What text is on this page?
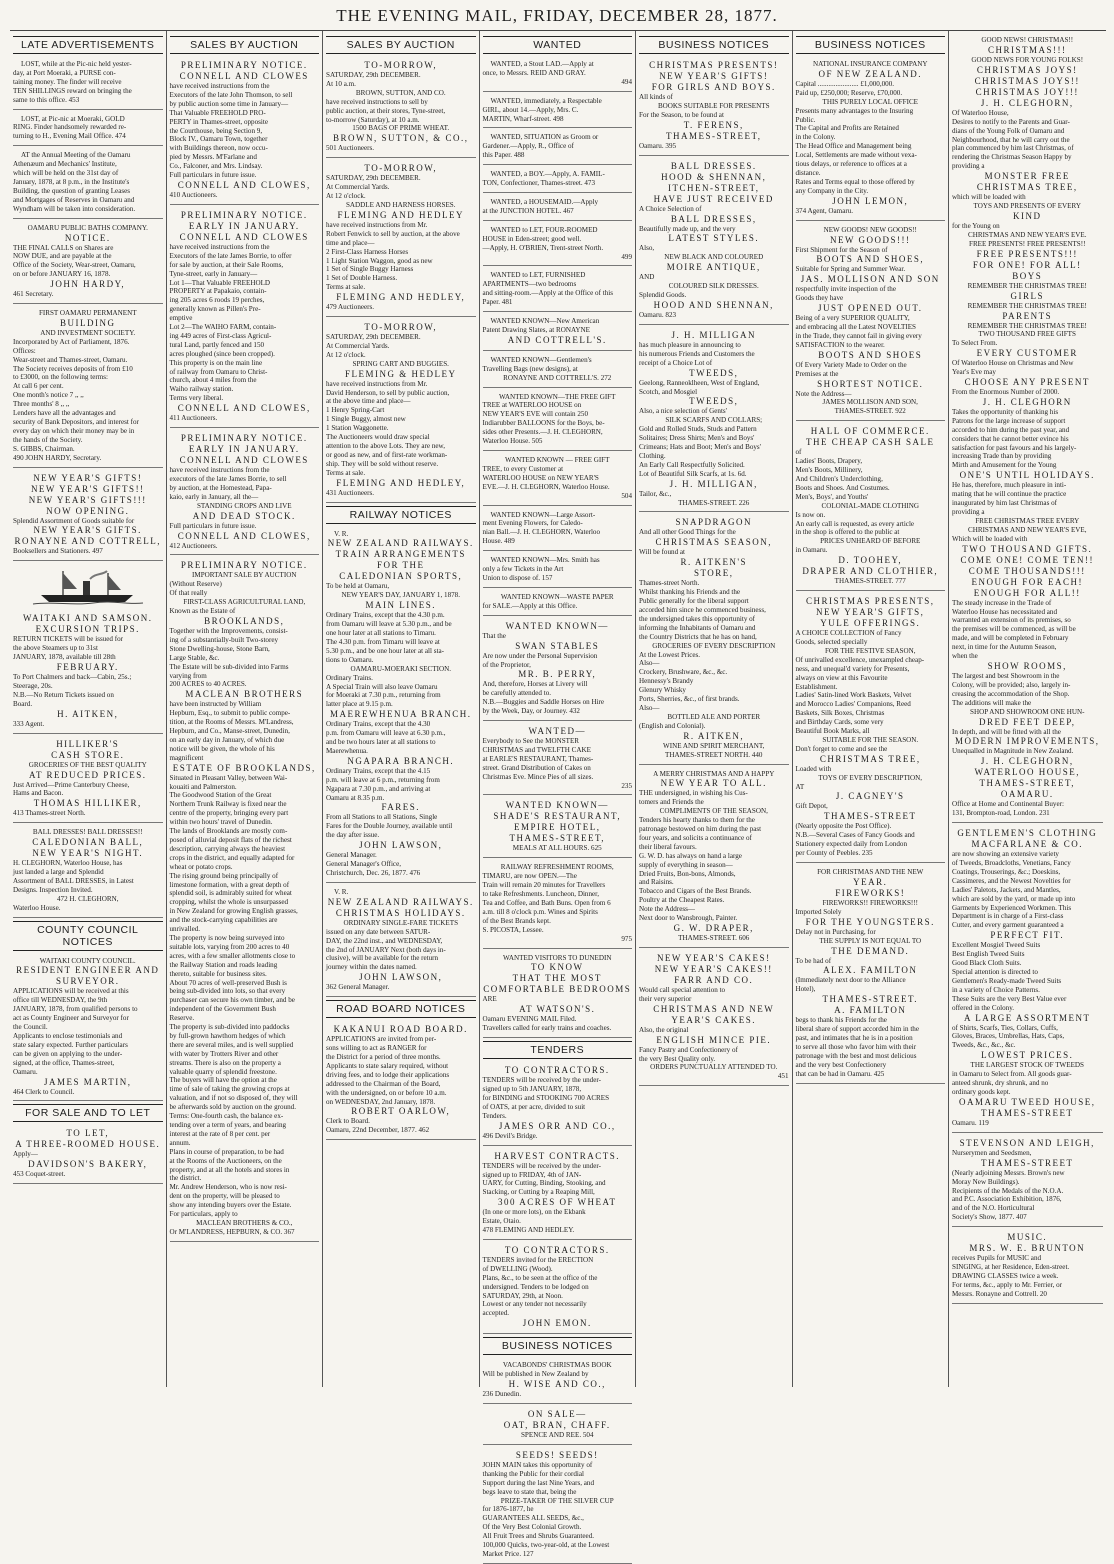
THE EVENING MAIL, FRIDAY, DECEMBER 28, 1877.
LATE ADVERTISEMENTS

LOST, while at the Pic-nic held yester-

day, at Port Moeraki, a PURSE con-

taining money. The finder will receive

TEN SHILLINGS reward on bringing the

same to this office. 453

LOST, at Pic-nic at Moeraki, GOLD

RING. Finder handsomely rewarded re-

turning to H., Evening Mail Office. 474

AT the Annual Meeting of the Oamaru

Athenæum and Mechanics' Institute,

which will be held on the 31st day of

January, 1878, at 8 p.m., in the Institute's

Building, the question of granting Leases

and Mortgages of Reserves in Oamaru and

Wyndham will be taken into consideration.

OAMARU PUBLIC BATHS COMPANY.

NOTICE.

THE FINAL CALLS on Shares are

NOW DUE, and are payable at the

Office of the Society, Wear-street, Oamaru,

on or before JANUARY 16, 1878.

JOHN HARDY,

461 Secretary.

FIRST OAMARU PERMANENT

BUILDING

AND INVESTMENT SOCIETY.

Incorporated by Act of Parliament, 1876.

Offices:

Wear-street and Thames-street, Oamaru.

The Society receives deposits of from £10

to £3000, on the following terms:

At call 6 per cent.

One month's notice 7 ,, ,,

Three months' 8 ,, ,,

Lenders have all the advantages and

security of Bank Depositors, and interest for

every day on which their money may be in

the hands of the Society.

S. GIBBS, Chairman.

490 JOHN HARDY, Secretary.

NEW YEAR'S GIFTS!

NEW YEAR'S GIFTS!!

NEW YEAR'S GIFTS!!!

NOW OPENING.

Splendid Assortment of Goods suitable for

NEW YEAR'S GIFTS.

RONAYNE AND COTTRELL,

Booksellers and Stationers. 497

WAITAKI AND SAMSON.

EXCURSION TRIPS.

RETURN TICKETS will be issued for

the above Steamers up to 31st

JANUARY, 1878, available till 28th

FEBRUARY.

To Port Chalmers and back—Cabin, 25s.;

Steerage, 20s.

N.B.—No Return Tickets issued on

Board.

H. AITKEN,

333 Agent.

HILLIKER'S

CASH STORE.

GROCERIES OF THE BEST QUALITY

AT REDUCED PRICES.

Just Arrived—Prime Canterbury Cheese,

Hams and Bacon.

THOMAS HILLIKER,

413 Thames-street North.

BALL DRESSES! BALL DRESSES!!

CALEDONIAN BALL,

NEW YEAR'S NIGHT.

H. CLEGHORN, Waterloo House, has

just landed a large and Splendid

Assortment of BALL DRESSES, in Latest

Designs. Inspection Invited.

472 H. CLEGHORN,

Waterloo House.

COUNTY COUNCIL NOTICES

WAITAKI COUNTY COUNCIL.

RESIDENT ENGINEER AND

SURVEYOR.

APPLICATIONS will be received at this

office till WEDNESDAY, the 9th

JANUARY, 1878, from qualified persons to

act as County Engineer and Surveyor for

the Council.

Applicants to enclose testimonials and

state salary expected. Further particulars

can be given on applying to the under-

signed, at the office, Thames-street,

Oamaru.

JAMES MARTIN,

464 Clerk to Council.

FOR SALE AND TO LET

TO LET,

A THREE-ROOMED HOUSE.

Apply—

DAVIDSON'S BAKERY,

453 Coquet-street.

SALES BY AUCTION

PRELIMINARY NOTICE.

CONNELL AND CLOWES

have received instructions from the

Executors of the late John Thomson, to sell

by public auction some time in January—

That Valuable FREEHOLD PRO-

PERTY in Thames-street, opposite

the Courthouse, being Section 9,

Block IV., Oamaru Town, together

with Buildings thereon, now occu-

pied by Messrs. M'Farlane and

Co., Falconer, and Mrs. Lindsay.

Full particulars in future issue.

CONNELL AND CLOWES,

410 Auctioneers.

PRELIMINARY NOTICE.

EARLY IN JANUARY.

CONNELL AND CLOWES

have received instructions from the

Executors of the late James Borrie, to offer

for sale by auction, at their Sale Rooms,

Tyne-street, early in January—

Lot 1—That Valuable FREEHOLD

PROPERTY at Papakaio, contain-

ing 205 acres 6 roods 19 perches,

generally known as Pillen's Pre-

emptive

Lot 2—The WAIHO FARM, contain-

ing 449 acres of First-class Agricul-

tural Land, partly fenced and 150

acres ploughed (since been cropped).

This property is on the main line

of railway from Oamaru to Christ-

church, about 4 miles from the

Waiho railway station.

Terms very liberal.

CONNELL AND CLOWES,

411 Auctioneers.

PRELIMINARY NOTICE.

EARLY IN JANUARY.

CONNELL AND CLOWES

have received instructions from the

executors of the late James Borrie, to sell

by auction, at the Homestead, Papa-

kaio, early in January, all the—

STANDING CROPS AND LIVE

AND DEAD STOCK.

Full particulars in future issue.

CONNELL AND CLOWES,

412 Auctioneers.

PRELIMINARY NOTICE.

IMPORTANT SALE BY AUCTION

(Without Reserve)

Of that really

FIRST-CLASS AGRICULTURAL LAND,

Known as the Estate of

BROOKLANDS,

Together with the Improvements, consist-

ing of a substantially-built Two-storey

Stone Dwelling-house, Stone Barn,

Large Stable, &c.

The Estate will be sub-divided into Farms

varying from

200 ACRES to 40 ACRES.

MACLEAN BROTHERS

have been instructed by William

Hepburn, Esq., to submit to public compe-

tition, at the Rooms of Messrs. M'Landress,

Hepburn, and Co., Manse-street, Dunedin,

on an early day in January, of which due

notice will be given, the whole of his

magnificent

ESTATE OF BROOKLANDS,

Situated in Pleasant Valley, between Wai-

kouaiti and Palmerston.

The Goodwood Station of the Great

Northern Trunk Railway is fixed near the

centre of the property, bringing every part

within two hours' travel of Dunedin.

The lands of Brooklands are mostly com-

posed of alluvial deposit flats of the richest

description, carrying always the heaviest

crops in the district, and equally adapted for

wheat or potato crops.

The rising ground being principally of

limestone formation, with a great depth of

splendid soil, is admirably suited for wheat

cropping, whilst the whole is unsurpassed

in New Zealand for growing English grasses,

and the stock-carrying capabilities are

unrivalled.

The property is now being surveyed into

suitable lots, varying from 200 acres to 40

acres, with a few smaller allotments close to

the Railway Station and roads leading

thereto, suitable for business sites.

About 70 acres of well-preserved Bush is

being sub-divided into lots, so that every

purchaser can secure his own timber, and be

independent of the Government Bush

Reserve.

The property is sub-divided into paddocks

by full-grown hawthorn hedges of which

there are several miles, and is well supplied

with water by Trotters River and other

streams. There is also on the property a

valuable quarry of splendid freestone.

The buyers will have the option at the

time of sale of taking the growing crops at

valuation, and if not so disposed of, they will

be afterwards sold by auction on the ground.

Terms: One-fourth cash, the balance ex-

tending over a term of years, and bearing

interest at the rate of 8 per cent. per

annum.

Plans in course of preparation, to be had

at the Rooms of the Auctioneers, on the

property, and at all the hotels and stores in

the district.

Mr. Andrew Henderson, who is now resi-

dent on the property, will be pleased to

show any intending buyers over the Estate.

For particulars, apply to

MACLEAN BROTHERS & CO.,

Or M'LANDRESS, HEPBURN, & CO. 367

SALES BY AUCTION

TO-MORROW,

SATURDAY, 29th DECEMBER.

At 10 a.m.

BROWN, SUTTON, AND CO.

have received instructions to sell by

public auction, at their stores, Tyne-street,

to-morrow (Saturday), at 10 a.m.

1500 BAGS OF PRIME WHEAT.

BROWN, SUTTON, & CO.,

501 Auctioneers.

TO-MORROW,

SATURDAY, 29th DECEMBER.

At Commercial Yards.

At 12 o'clock.

SADDLE AND HARNESS HORSES.

FLEMING AND HEDLEY

have received instructions from Mr.

Robert Fenwick to sell by auction, at the above

time and place—

2 First-Class Harness Horses

1 Light Station Waggon, good as new

1 Set of Single Buggy Harness

1 Set of Double Harness.

Terms at sale.

FLEMING AND HEDLEY,

479 Auctioneers.

TO-MORROW,

SATURDAY, 29th DECEMBER.

At Commercial Yards.

At 12 o'clock.

SPRING CART AND BUGGIES.

FLEMING & HEDLEY

have received instructions from Mr.

David Henderson, to sell by public auction,

at the above time and place—

1 Henry Spring-Cart

1 Single Buggy, almost new

1 Station Waggonette.

The Auctioneers would draw special

attention to the above Lots. They are new,

or good as new, and of first-rate workman-

ship. They will be sold without reserve.

Terms at sale.

FLEMING AND HEDLEY,

431 Auctioneers.

RAILWAY NOTICES

V. R.

NEW ZEALAND RAILWAYS.

TRAIN ARRANGEMENTS

FOR THE

CALEDONIAN SPORTS,

To be held at Oamaru,

NEW YEAR'S DAY, JANUARY 1, 1878.

MAIN LINES.

Ordinary Trains, except that the 4.30 p.m.

from Oamaru will leave at 5.30 p.m., and be

one hour later at all stations to Timaru.

The 4.30 p.m. from Timaru will leave at

5.30 p.m., and be one hour later at all sta-

tions to Oamaru.

OAMARU-MOERAKI SECTION.

Ordinary Trains.

A Special Train will also leave Oamaru

for Moeraki at 7.30 p.m., returning from

latter place at 9.15 p.m.

MAEREWHENUA BRANCH.

Ordinary Trains, except that the 4.30

p.m. from Oamaru will leave at 6.30 p.m.,

and be two hours later at all stations to

Maerewhenua.

NGAPARA BRANCH.

Ordinary Trains, except that the 4.15

p.m. will leave at 6 p.m., returning from

Ngapara at 7.30 p.m., and arriving at

Oamaru at 8.35 p.m.

FARES.

From all Stations to all Stations, Single

Fares for the Double Journey, available until

the day after issue.

JOHN LAWSON,

General Manager.

General Manager's Office,

Christchurch, Dec. 26, 1877. 476

V. R.

NEW ZEALAND RAILWAYS.

CHRISTMAS HOLIDAYS.

ORDINARY SINGLE-FARE TICKETS

issued on any date between SATUR-

DAY, the 22nd inst., and WEDNESDAY,

the 2nd of JANUARY Next (both days in-

clusive), will be available for the return

journey within the dates named.

JOHN LAWSON,

362 General Manager.

ROAD BOARD NOTICES

KAKANUI ROAD BOARD.

APPLICATIONS are invited from per-

sons willing to act as RANGER for

the District for a period of three months.

Applicants to state salary required, without

driving fees, and to lodge their applications

addressed to the Chairman of the Board,

with the undersigned, on or before 10 a.m.

on WEDNESDAY, 2nd January, 1878.

ROBERT OARLOW,

Clerk to Board.

Oamaru, 22nd December, 1877. 462

WANTED

WANTED, a Stout LAD.—Apply at

once, to Messrs. REID AND GRAY.

494

WANTED, immediately, a Respectable

GIRL, about 14.—Apply, Mrs. C.

MARTIN, Wharf-street. 498

WANTED, SITUATION as Groom or

Gardener.—Apply, R., Office of

this Paper. 488

WANTED, a BOY.—Apply, A. FAMIL-

TON, Confectioner, Thames-street. 473

WANTED, a HOUSEMAID.—Apply

at the JUNCTION HOTEL. 467

WANTED to LET, FOUR-ROOMED

HOUSE in Eden-street; good well.

—Apply, H. O'BRIEN, Trent-street North.

499

WANTED to LET, FURNISHED

APARTMENTS—two bedrooms

and sitting-room.—Apply at the Office of this

Paper. 481

WANTED KNOWN—New American

Patent Drawing Slates, at RONAYNE

AND COTTRELL'S.

WANTED KNOWN—Gentlemen's

Travelling Bags (new designs), at

RONAYNE AND COTTRELL'S. 272

WANTED KNOWN—THE FREE GIFT

TREE at WATERLOO HOUSE on

NEW YEAR'S EVE will contain 250

Indiarubber BALLOONS for the Boys, be-

sides other Presents.—J. H. CLEGHORN,

Waterloo House. 505

WANTED KNOWN — FREE GIFT

TREE, to every Customer at

WATERLOO HOUSE on NEW YEAR'S

EVE.—J. H. CLEGHORN, Waterloo House.

504

WANTED KNOWN—Large Assort-

ment Evening Flowers, for Caledo-

nian Ball.—J. H. CLEGHORN, Waterloo

House. 489

WANTED KNOWN—Mrs. Smith has

only a few Tickets in the Art

Union to dispose of. 157

WANTED KNOWN—WASTE PAPER

for SALE.—Apply at this Office.

WANTED KNOWN—

That the

SWAN STABLES

Are now under the Personal Supervision

of the Proprietor,

MR. B. PERRY,

And, therefore, Horses at Livery will

be carefully attended to.

N.B.—Buggies and Saddle Horses on Hire

by the Week, Day, or Journey. 432

WANTED—

Everybody to See the MONSTER

CHRISTMAS and TWELFTH CAKE

at EARLE'S RESTAURANT, Thames-

street. Grand Distribution of Cakes on

Christmas Eve. Mince Pies of all sizes.

235

WANTED KNOWN—

SHADE'S RESTAURANT,

EMPIRE HOTEL,

THAMES-STREET,

MEALS AT ALL HOURS. 625

RAILWAY REFRESHMENT ROOMS,

TIMARU, are now OPEN.—The

Train will remain 20 minutes for Travellers

to take Refreshments. Luncheon, Dinner,

Tea and Coffee, and Bath Buns. Open from 6

a.m. till 8 o'clock p.m. Wines and Spirits

of the Best Brands kept.

S. PICOSTA, Lessee.

975

WANTED VISITORS TO DUNEDIN

TO KNOW

THAT THE MOST

COMFORTABLE BEDROOMS

ARE

AT WATSON'S.

Oamaru EVENING MAIL Filed.

Travellers called for early trains and coaches.

TENDERS

TO CONTRACTORS.

TENDERS will be received by the under-

signed up to 5th JANUARY, 1878,

for BINDING and STOOKING 700 ACRES

of OATS, at per acre, divided to suit

Tenders.

JAMES ORR AND CO.,

496 Devil's Bridge.

HARVEST CONTRACTS.

TENDERS will be received by the under-

signed up to FRIDAY, 4th of JAN-

UARY, for Cutting, Binding, Stooking, and

Stacking, or Cutting by a Reaping Mill,

300 ACRES OF WHEAT

(In one or more lots), on the Ekbank

Estate, Otaio.

478 FLEMING AND HEDLEY.

TO CONTRACTORS.

TENDERS invited for the ERECTION

of DWELLING (Wood).

Plans, &c., to be seen at the office of the

undersigned. Tenders to be lodged on

SATURDAY, 29th, at Noon.

Lowest or any tender not necessarily

accepted.

JOHN EMON.

BUSINESS NOTICES

VACABONDS' CHRISTMAS BOOK

Will be published in New Zealand by

H. WISE AND CO.,

236 Dunedin.

ON SALE—

OAT, BRAN, CHAFF.

SPENCE AND REE. 504

SEEDS! SEEDS!

JOHN MAIN takes this opportunity of

thanking the Public for their cordial

Support during the last Nine Years, and

begs leave to state that, being the

PRIZE-TAKER OF THE SILVER CUP

for 1876-1877, he

GUARANTEES ALL SEEDS, &c.,

Of the Very Best Colonial Growth.

All Fruit Trees and Shrubs Guaranteed.

100,000 Quicks, two-year-old, at the Lowest

Market Price. 127

BUSINESS NOTICES

CHRISTMAS PRESENTS!

NEW YEAR'S GIFTS!

FOR GIRLS AND BOYS.

All kinds of

BOOKS SUITABLE FOR PRESENTS

For the Season, to be found at

T. FERENS,

THAMES-STREET,

Oamaru. 395

BALL DRESSES.

HOOD & SHENNAN,

ITCHEN-STREET,

HAVE JUST RECEIVED

A Choice Selection of

BALL DRESSES,

Beautifully made up, and the very

LATEST STYLES.

Also,

NEW BLACK AND COLOURED

MOIRE ANTIQUE,

AND

COLOURED SILK DRESSES.

Splendid Goods.

HOOD AND SHENNAN,

Oamaru. 823

J. H. MILLIGAN

has much pleasure in announcing to

his numerous Friends and Customers the

receipt of a Choice Lot of

TWEEDS,

Geelong, Ranneoklheen, West of England,

Scotch, and Mosgiel

TWEEDS,

Also, a nice selection of Gents'

SILK SCARFS AND COLLARS;

Gold and Rolled Studs, Studs and Pattern

Solitaires; Dress Shirts; Men's and Boys'

Crimeans; Hats and Boot; Men's and Boys'

Clothing.

An Early Call Respectfully Solicited.

Lot of Beautiful Silk Scarfs, at 1s. 6d.

J. H. MILLIGAN,

Tailor, &c.,

THAMES-STREET. 226

SNAPDRAGON

And all other Good Things for the

CHRISTMAS SEASON,

Will be found at

R. AITKEN'S

STORE,

Thames-street North.

Whilst thanking his Friends and the

Public generally for the liberal support

accorded him since he commenced business,

the undersigned takes this opportunity of

informing the Inhabitants of Oamaru and

the Country Districts that he has on hand,

GROCERIES OF EVERY DESCRIPTION

At the Lowest Prices.

Also—

Crockery, Brushware, &c., &c.

Hennessy's Brandy

Glenury Whisky

Ports, Sherries, &c., of first brands.

Also—

BOTTLED ALE AND PORTER

(English and Colonial).

R. AITKEN,

WINE AND SPIRIT MERCHANT,

THAMES-STREET NORTH. 440

A MERRY CHRISTMAS AND A HAPPY

NEW YEAR TO ALL.

THE undersigned, in wishing his Cus-

tomers and Friends the

COMPLIMENTS OF THE SEASON,

Tenders his hearty thanks to them for the

patronage bestowed on him during the past

four years, and solicits a continuance of

their liberal favours.

G. W. D. has always on hand a large

supply of everything in season—

Dried Fruits, Bon-bons, Almonds,

and Raisins.

Tobacco and Cigars of the Best Brands.

Poultry at the Cheapest Rates.

Note the Address—

Next door to Wansbrough, Painter.

G. W. DRAPER,

THAMES-STREET. 606

NEW YEAR'S CAKES!

NEW YEAR'S CAKES!!

FARR AND CO.

Would call special attention to

their very superior

CHRISTMAS AND NEW

YEAR'S CAKES.

Also, the original

ENGLISH MINCE PIE.

Fancy Pastry and Confectionery of

the very Best Quality only.

ORDERS PUNCTUALLY ATTENDED TO.

451

BUSINESS NOTICES

NATIONAL INSURANCE COMPANY

OF NEW ZEALAND.

Capital ....................... £1,000,000.

Paid up, £250,000; Reserve, £70,000.

THIS PURELY LOCAL OFFICE

Presents many advantages to the Insuring

Public.

The Capital and Profits are Retained

in the Colony.

The Head Office and Management being

Local, Settlements are made without vexa-

tious delays, or reference to offices at a

distance.

Rates and Terms equal to those offered by

any Company in the City.

JOHN LEMON,

374 Agent, Oamaru.

NEW GOODS! NEW GOODS!!

NEW GOODS!!!

First Shipment for the Season of

BOOTS AND SHOES,

Suitable for Spring and Summer Wear.

JAS. MOLLISON AND SON

respectfully invite inspection of the

Goods they have

JUST OPENED OUT.

Being of a very SUPERIOR QUALITY,

and embracing all the Latest NOVELTIES

in the Trade, they cannot fail in giving every

SATISFACTION to the wearer.

BOOTS AND SHOES

Of Every Variety Made to Order on the

Premises at the

SHORTEST NOTICE.

Note the Address—

JAMES MOLLISON AND SON,

THAMES-STREET. 922

HALL OF COMMERCE.

THE CHEAP CASH SALE

of

Ladies' Boots, Drapery,

Men's Boots, Millinery,

And Children's Underclothing,

Boots and Shoes. And Costumes.

Men's, Boys', and Youths'

COLONIAL-MADE CLOTHING

Is now on.

An early call is requested, as every article

in the shop is offered to the public at

PRICES UNHEARD OF BEFORE

in Oamaru.

D. TOOHEY,

DRAPER AND CLOTHIER,

THAMES-STREET. 777

CHRISTMAS PRESENTS,

NEW YEAR'S GIFTS,

YULE OFFERINGS.

A CHOICE COLLECTION of Fancy

Goods, selected specially

FOR THE FESTIVE SEASON,

Of unrivalled excellence, unexampled cheap-

ness, and unequal'd variety for Presents,

always on view at this Favourite

Establishment.

Ladies' Satin-lined Work Baskets, Velvet

and Morocco Ladies' Companions, Reed

Baskets, Silk Boxes, Christmas

and Birthday Cards, some very

Beautiful Book Marks, all

SUITABLE FOR THE SEASON.

Don't forget to come and see the

CHRISTMAS TREE,

Loaded with

TOYS OF EVERY DESCRIPTION,

AT

J. CAGNEY'S

Gift Depot,

THAMES-STREET

(Nearly opposite the Post Office).

N.B.—Several Cases of Fancy Goods and

Stationery expected daily from London

per County of Peebles. 235

FOR CHRISTMAS AND THE NEW

YEAR.

FIREWORKS!

FIREWORKS!! FIREWORKS!!!

Imported Solely

FOR THE YOUNGSTERS.

Delay not in Purchasing, for

THE SUPPLY IS NOT EQUAL TO

THE DEMAND.

To be had of

ALEX. FAMILTON

(Immediately next door to the Alliance

Hotel),

THAMES-STREET.

A. FAMILTON

begs to thank his Friends for the

liberal share of support accorded him in the

past, and intimates that he is in a position

to serve all those who favor him with their

patronage with the best and most delicious

and the very best Confectionery

that can be had in Oamaru. 425

GOOD NEWS! CHRISTMAS!!

CHRISTMAS!!!

GOOD NEWS FOR YOUNG FOLKS!

CHRISTMAS JOYS!

CHRISTMAS JOYS!!

CHRISTMAS JOY!!!

J. H. CLEGHORN,

Of Waterloo House,

Desires to notify to the Parents and Guar-

dians of the Young Folk of Oamaru and

Neighbourhood, that he will carry out the

plan commenced by him last Christmas, of

rendering the Christmas Season Happy by

providing a

MONSTER FREE

CHRISTMAS TREE,

which will be loaded with

TOYS AND PRESENTS OF EVERY

KIND

for the Young on

CHRISTMAS AND NEW YEAR'S EVE.

FREE PRESENTS! FREE PRESENTS!!

FREE PRESENTS!!!

FOR ONE! FOR ALL!

BOYS

REMEMBER THE CHRISTMAS TREE!

GIRLS

REMEMBER THE CHRISTMAS TREE!

PARENTS

REMEMBER THE CHRISTMAS TREE!

TWO THOUSAND FREE GIFTS

To Select From.

EVERY CUSTOMER

Of Waterloo House on Christmas and New

Year's Eve may

CHOOSE ANY PRESENT

From the Enormous Number of 2000.

J. H. CLEGHORN

Takes the opportunity of thanking his

Patrons for the large increase of support

accorded to him during the past year, and

considers that he cannot better evince his

satisfaction for past favours and his largely-

increasing Trade than by providing

Mirth and Amusement for the Young

ONE'S UNTIL HOLIDAYS.

He has, therefore, much pleasure in inti-

mating that he will continue the practice

inaugurated by him last Christmas of

providing a

FREE CHRISTMAS TREE EVERY

CHRISTMAS AND NEW YEAR'S EVE,

Which will be loaded with

TWO THOUSAND GIFTS.

COME ONE! COME TEN!!

COME THOUSANDS!!!

ENOUGH FOR EACH!

ENOUGH FOR ALL!!

The steady increase in the Trade of

Waterloo House has necessitated and

warranted an extension of its premises, so

the premises will be commenced, as will be

made, and will be completed in February

next, in time for the Autumn Season,

when the

SHOW ROOMS,

The largest and best Showroom in the

Colony, will be provided; also, largely in-

creasing the accommodation of the Shop.

The additions will make the

SHOP AND SHOWROOM ONE HUN-

DRED FEET DEEP,

In depth, and will be fitted with all the

MODERN IMPROVEMENTS,

Unequalled in Magnitude in New Zealand.

J. H. CLEGHORN,

WATERLOO HOUSE,

THAMES-STREET,

OAMARU.

Office at Home and Continental Buyer:

131, Brompton-road, London. 231

GENTLEMEN'S CLOTHING

MACFARLANE & CO.

are now showing an extensive variety

of Tweeds, Broadcloths, Venetians, Fancy

Coatings, Trouserings, &c.; Doeskins,

Cassimeres, and the Newest Novelties for

Ladies' Paletots, Jackets, and Mantles,

which are sold by the yard, or made up into

Garments by Experienced Workmen. This

Department is in charge of a First-class

Cutter, and every garment guaranteed a

PERFECT FIT.

Excellent Mosgiel Tweed Suits

Best English Tweed Suits

Good Black Cloth Suits.

Special attention is directed to

Gentlemen's Ready-made Tweed Suits

in a variety of Choice Patterns.

These Suits are the very Best Value ever

offered in the Colony.

A LARGE ASSORTMENT

of Shirts, Scarfs, Ties, Collars, Cuffs,

Gloves, Braces, Umbrellas, Hats, Caps,

Tweeds, &c., &c., &c.

LOWEST PRICES.

THE LARGEST STOCK OF TWEEDS

in Oamaru to Select from. All goods guar-

anteed shrunk, dry shrunk, and no

ordinary goods kept.

OAMARU TWEED HOUSE,

THAMES-STREET

Oamaru. 119

STEVENSON AND LEIGH,

Nurserymen and Seedsmen,

THAMES-STREET

(Nearly adjoining Messrs. Brown's new

Moray New Buildings).

Recipients of the Medals of the N.O.A.

and P.C. Association Exhibition, 1876,

and of the N.O. Horticultural

Society's Show, 1877. 407

MUSIC.

MRS. W. E. BRUNTON

receives Pupils for MUSIC and

SINGING, at her Residence, Eden-street.

DRAWING CLASSES twice a week.

For terms, &c., apply to Mr. Ferrier, or

Messrs. Ronayne and Cottrell. 20
